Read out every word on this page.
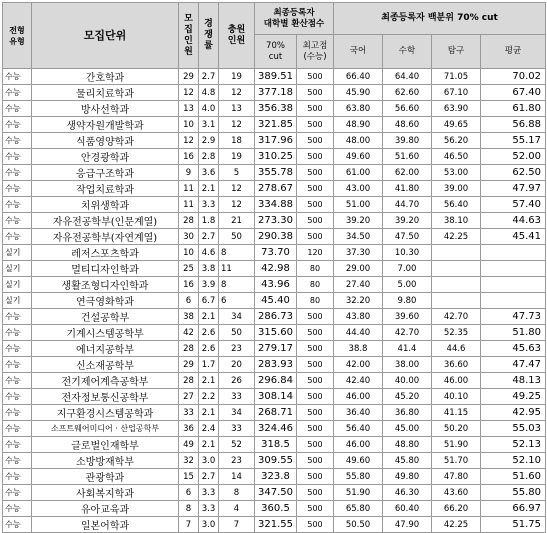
전형
유형	모집단위	모
집
인
원	경
쟁
률	충원
인원	최종등록자
대학별 환산점수		최종등록자 백분위 70% cut			
					70%
cut	최고점
(수능)	국어	수학	탐구	평균
수능	간호학과	29	2.7	19	389.51	500	66.40	64.40	71.05	70.02
수능	물리치료학과	12	4.8	12	377.18	500	45.90	62.60	67.10	67.40
수능	방사선학과	13	4.0	13	356.38	500	63.80	56.60	63.90	61.80
수능	생약자원개발학과	10	3.1	12	321.85	500	48.90	48.60	49.65	56.88
수능	식품영양학과	12	2.9	18	317.96	500	48.00	39.80	56.20	55.17
수능	안경광학과	16	2.8	19	310.25	500	49.60	51.60	46.50	52.00
수능	응급구조학과	9	3.6	5	355.78	500	61.00	62.00	53.00	62.50
수능	작업치료학과	11	2.1	12	278.67	500	43.00	41.80	39.00	47.97
수능	치위생학과	11	3.3	12	334.88	500	51.00	44.70	56.40	57.40
수능	자유전공학부(인문계열)	28	1.8	21	273.30	500	39.20	39.20	38.10	44.63
수능	자유전공학부(자연계열)	30	2.7	50	290.38	500	34.50	47.50	42.25	45.41
실기	레저스포츠학과	10	4.6	8	73.70	120	37.30	10.30		
실기	멀티디자인학과	25	3.8	11	42.98	80	29.00	7.00		
실기	생활조형디자인학과	16	3.9	8	43.96	80	27.40	5.00		
실기	연극영화학과	6	6.7	6	45.40	80	32.20	9.80		
수능	건설공학부	38	2.1	34	286.73	500	43.80	39.60	42.70	47.73
수능	기계시스템공학부	42	2.6	50	315.60	500	44.40	42.70	52.35	51.80
수능	에너지공학부	28	2.6	23	279.17	500	38.8	41.4	44.6	45.63
수능	신소재공학부	29	1.7	20	283.93	500	42.00	38.00	36.60	47.47
수능	전기제어계측공학부	28	2.1	26	296.84	500	42.40	40.00	46.00	48.13
수능	전자정보통신공학부	27	2.2	33	308.14	500	46.00	45.20	40.10	49.25
수능	지구환경시스템공학과	33	2.1	34	268.71	500	36.40	36.80	41.15	42.95
수능	소프트웨어미디어 · 산업공학부	36	2.4	33	324.46	500	56.40	45.00	50.20	55.03
수능	글로벌인재학부	49	2.1	52	318.5	500	46.00	48.80	51.90	52.13
수능	소방방재학부	32	3.0	23	309.55	500	49.60	45.80	51.70	52.10
수능	관광학과	15	2.7	14	323.8	500	55.80	49.80	47.80	51.60
수능	사회복지학과	6	3.3	8	347.50	500	51.90	46.30	43.60	55.80
수능	유아교육과	8	3.3	4	360.5	500	65.80	60.40	66.20	66.97
수능	일본어학과	7	3.0	7	321.55	500	50.50	47.90	42.25	51.75
